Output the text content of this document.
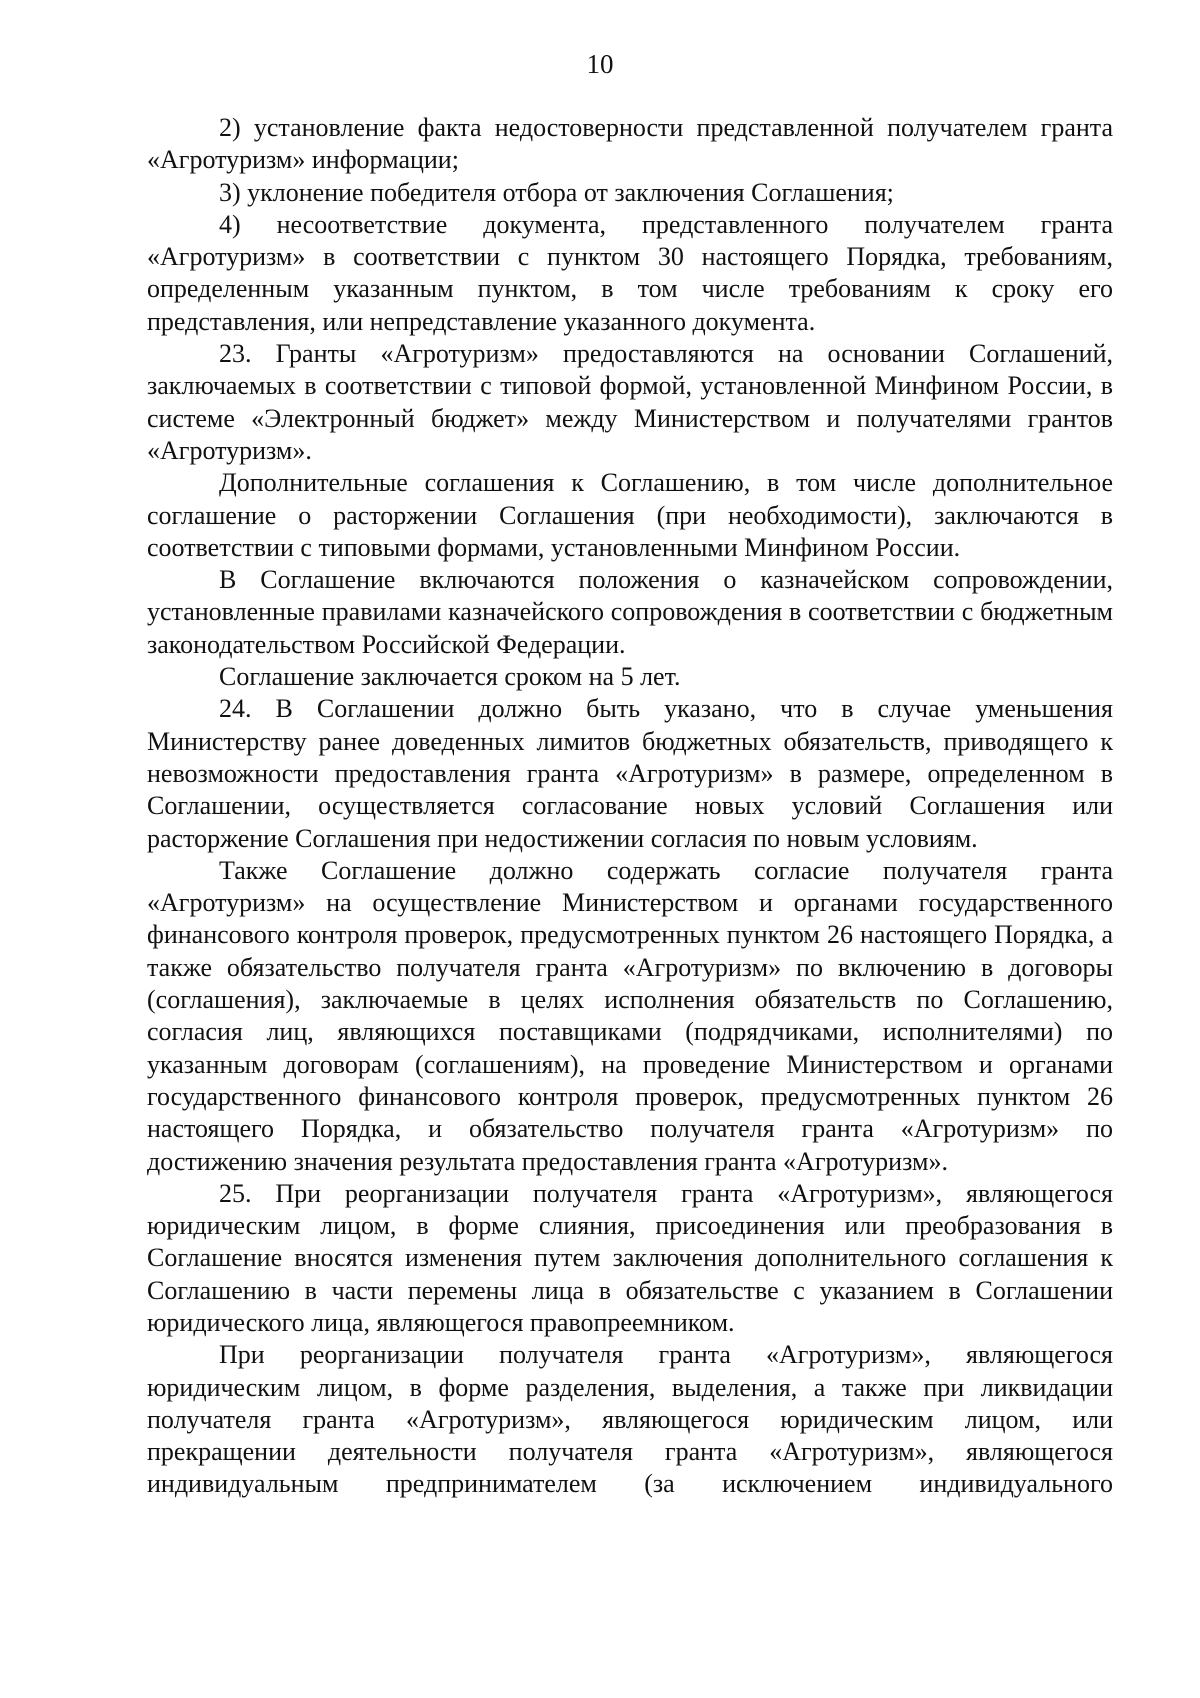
10

2) установление факта недостоверности представленной получателем гранта «Агротуризм» информации;

3) уклонение победителя отбора от заключения Соглашения;

4) несоответствие документа, представленного получателем гранта «Агротуризм» в соответствии с пунктом 30 настоящего Порядка, требованиям, определенным указанным пунктом, в том числе требованиям к сроку его представления, или непредставление указанного документа.

23. Гранты «Агротуризм» предоставляются на основании Соглашений, заключаемых в соответствии с типовой формой, установленной Минфином России, в системе «Электронный бюджет» между Министерством и получателями грантов «Агротуризм».

Дополнительные соглашения к Соглашению, в том числе дополнительное соглашение о расторжении Соглашения (при необходимости), заключаются в соответствии с типовыми формами, установленными Минфином России.

В Соглашение включаются положения о казначейском сопровождении, установленные правилами казначейского сопровождения в соответствии с бюджетным законодательством Российской Федерации.

Соглашение заключается сроком на 5 лет.

24. В Соглашении должно быть указано, что в случае уменьшения Министерству ранее доведенных лимитов бюджетных обязательств, приводящего к невозможности предоставления гранта «Агротуризм» в размере, определенном в Соглашении, осуществляется согласование новых условий Соглашения или расторжение Соглашения при недостижении согласия по новым условиям.

Также Соглашение должно содержать согласие получателя гранта «Агротуризм» на осуществление Министерством и органами государственного финансового контроля проверок, предусмотренных пунктом 26 настоящего Порядка, а также обязательство получателя гранта «Агротуризм» по включению в договоры (соглашения), заключаемые в целях исполнения обязательств по Соглашению, согласия лиц, являющихся поставщиками (подрядчиками, исполнителями) по указанным договорам (соглашениям), на проведение Министерством и органами государственного финансового контроля проверок, предусмотренных пунктом 26 настоящего Порядка, и обязательство получателя гранта «Агротуризм» по достижению значения результата предоставления гранта «Агротуризм».

25. При реорганизации получателя гранта «Агротуризм», являющегося юридическим лицом, в форме слияния, присоединения или преобразования в Соглашение вносятся изменения путем заключения дополнительного соглашения к Соглашению в части перемены лица в обязательстве с указанием в Соглашении юридического лица, являющегося правопреемником.

При реорганизации получателя гранта «Агротуризм», являющегося юридическим лицом, в форме разделения, выделения, а также при ликвидации получателя гранта «Агротуризм», являющегося юридическим лицом, или прекращении деятельности получателя гранта «Агротуризм», являющегося индивидуальным предпринимателем (за исключением индивидуального
